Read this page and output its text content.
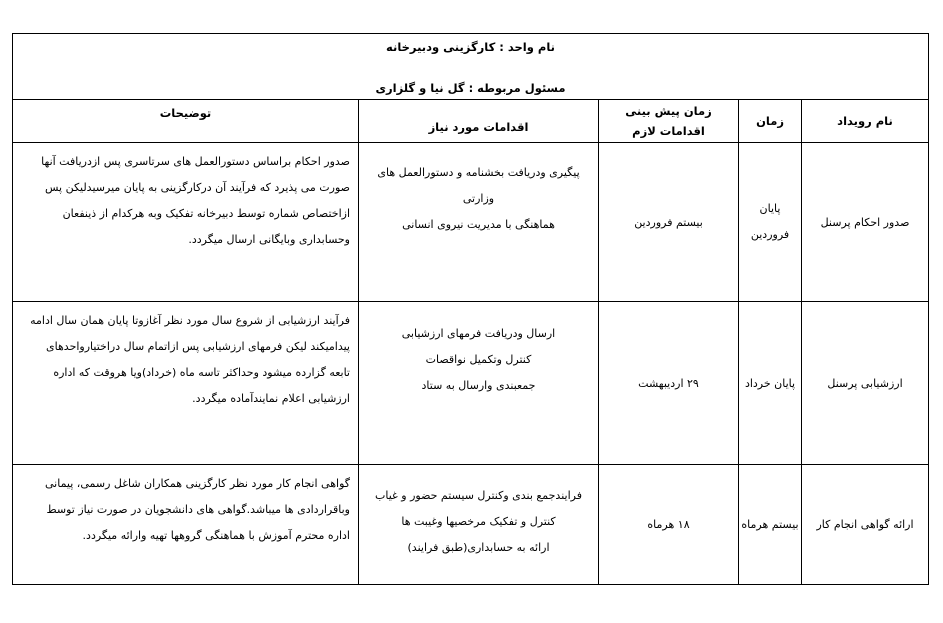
نام واحد : کارگزینی ودبیرخانه
مسئول مربوطه : گل نیا و گلزاری
توضیحات
اقدامات مورد نیاز
زمان پیش بینی اقدامات لازم
زمان	نام رویداد
صدور احکام پرسنل
پایان
فروردین
بیستم فروردین
پیگیری ودریافت بخشنامه و دستورالعمل های
وزارتی
هماهنگی با مدیریت نیروی انسانی
صدور احکام براساس دستورالعمل های سرتاسری پس ازدریافت آنها
صورت می پذیرد که فرآیند آن درکارگزینی به پایان میرسیدلیکن پس
ازاختصاص شماره توسط دبیرخانه تفکیک وبه هرکدام از ذینفعان
وحسابداری وبایگانی ارسال میگردد.
ارزشیابی پرسنل
پایان خرداد
۲۹ اردیبهشت
ارسال ودریافت فرمهای ارزشیابی
کنترل وتکمیل نواقصات
جمعبندی وارسال به ستاد
فرآیند ارزشیابی از شروع سال مورد نظر آغازوتا پایان همان سال ادامه
پیدامیکند لیکن فرمهای ارزشیابی پس ازاتمام سال دراختیارواحدهای
تابعه گزارده میشود وحداکثر تاسه ماه (خرداد)ویا هروقت که اداره
ارزشیابی اعلام نمایندآماده میگردد.
ارائه گواهی انجام کار
بیستم هرماه
۱۸ هرماه
فرایندجمع بندی وکنترل سیستم حضور و غیاب
کنترل و تفکیک مرخصیها وغیبت ها
ارائه به حسابداری(طبق فرایند)
گواهی انجام کار مورد نظر کارگزینی همکاران شاغل رسمی، پیمانی
وباقراردادی ها میباشد.گواهی های دانشجویان در صورت نیاز توسط
اداره محترم آموزش با هماهنگی گروهها تهیه وارائه میگردد.
